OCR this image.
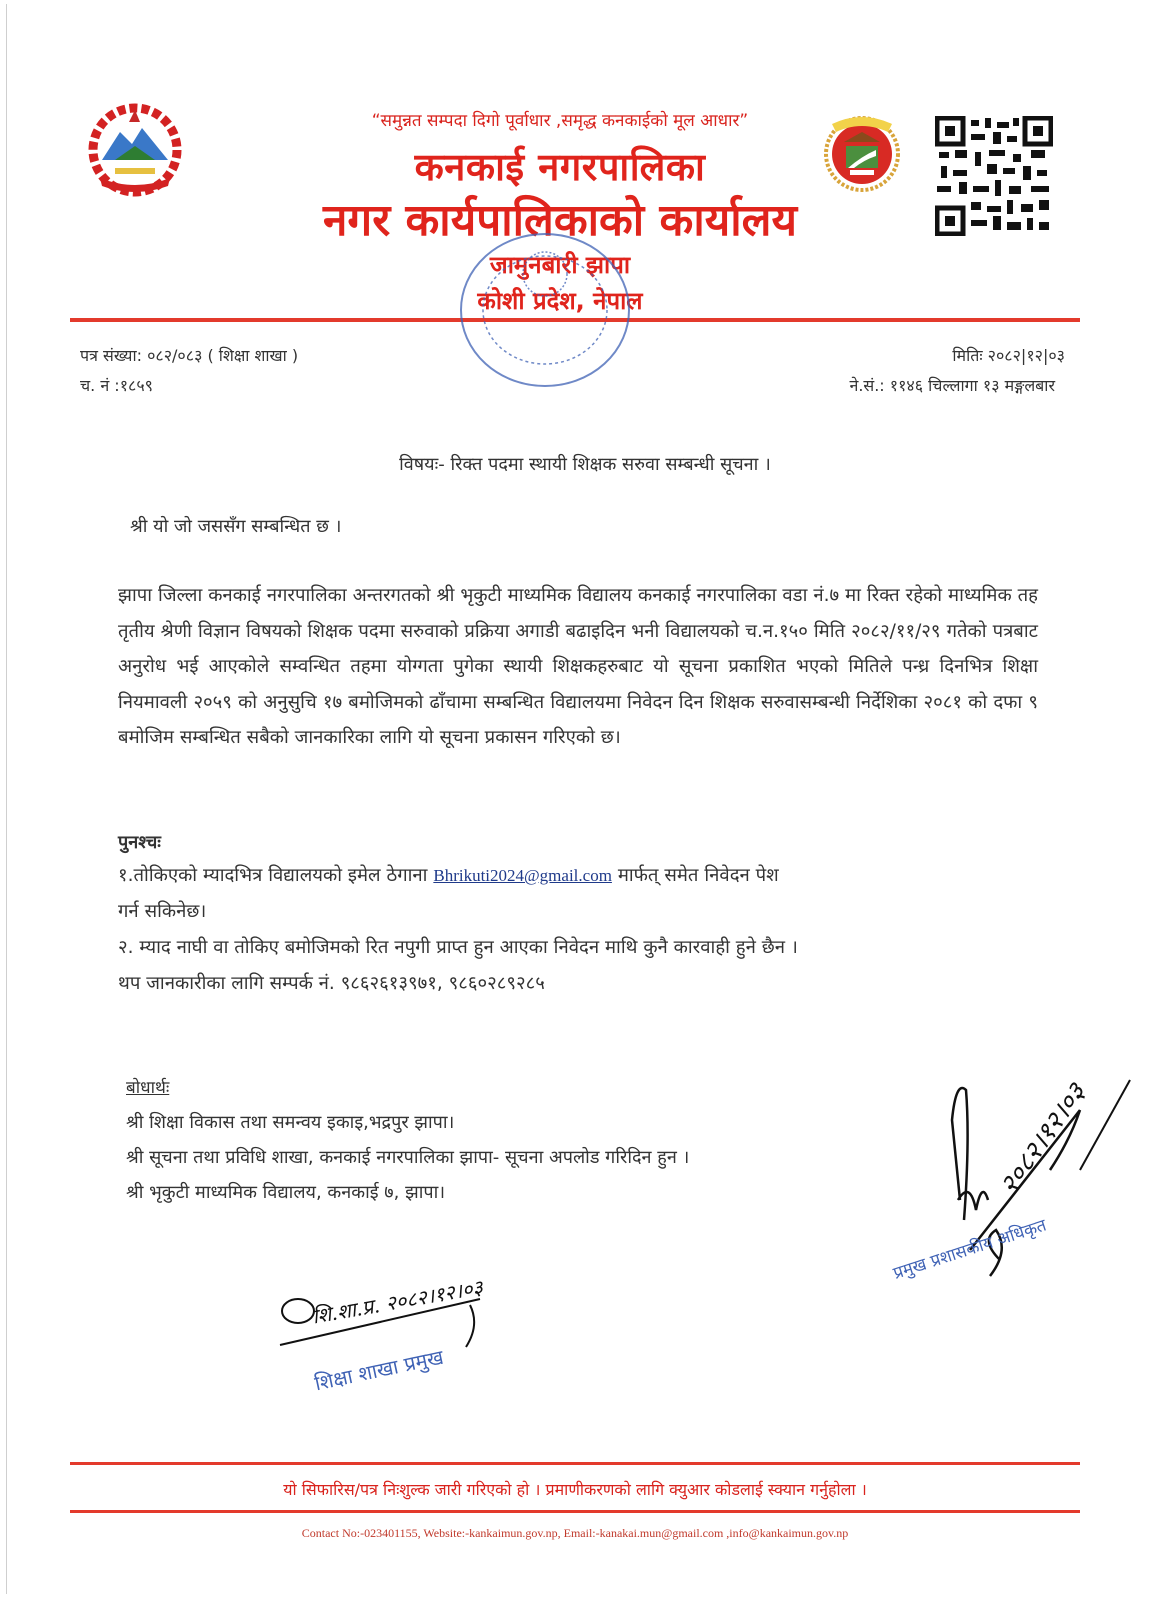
“समुन्नत सम्पदा दिगो पूर्वाधार ,समृद्ध कनकाईको मूल आधार”
कनकाई नगरपालिका
नगर कार्यपालिकाको कार्यालय
जामुनबारी झापा
कोशी प्रदेश, नेपाल
पत्र संख्या: ०८२/०८३ ( शिक्षा शाखा )
च. नं :१८५९
मितिः २०८२|१२|०३
ने.सं.: ११४६ चिल्लागा १३ मङ्गलबार
विषयः- रिक्त पदमा स्थायी शिक्षक सरुवा सम्बन्धी सूचना ।
श्री यो जो जससँग सम्बन्धित छ ।
झापा जिल्ला कनकाई नगरपालिका अन्तरगतको श्री भृकुटी माध्यमिक विद्यालय कनकाई नगरपालिका वडा नं.७ मा रिक्त रहेको माध्यमिक तह तृतीय श्रेणी विज्ञान विषयको शिक्षक पदमा सरुवाको प्रक्रिया अगाडी बढाइदिन भनी विद्यालयको च.न.१५० मिति २०८२/११/२९ गतेको पत्रबाट अनुरोध भई आएकोले सम्वन्धित तहमा योग्गता पुगेका स्थायी शिक्षकहरुबाट यो सूचना प्रकाशित भएको मितिले पन्ध्र दिनभित्र शिक्षा नियमावली २०५९ को अनुसुचि १७ बमोजिमको ढाँचामा सम्बन्धित विद्यालयमा निवेदन दिन शिक्षक सरुवासम्बन्धी निर्देशिका २०८१ को दफा ९ बमोजिम सम्बन्धित सबैको जानकारिका लागि यो सूचना प्रकासन गरिएको छ।
पुनश्चः
१.तोकिएको म्यादभित्र विद्यालयको इमेल ठेगाना Bhrikuti2024@gmail.com मार्फत् समेत निवेदन पेश
गर्न सकिनेछ।
२. म्याद नाघी वा तोकिए बमोजिमको रित नपुगी प्राप्त हुन आएका निवेदन माथि कुनै कारवाही हुने छैन ।
थप जानकारीका लागि सम्पर्क नं. ९८६२६१३९७१, ९८६०२८९२८५
बोधार्थः
श्री शिक्षा विकास तथा समन्वय इकाइ,भद्रपुर झापा।
श्री सूचना तथा प्रविधि शाखा, कनकाई नगरपालिका झापा- सूचना अपलोड गरिदिन हुन ।
श्री भृकुटी माध्यमिक विद्यालय, कनकाई ७, झापा।	२०८२।१२।०३
प्रमुख प्रशासकीय अधिकृत
शि.शा.प्र. २०८२।१२।०३
शिक्षा शाखा प्रमुख
यो सिफारिस/पत्र निःशुल्क जारी गरिएको हो । प्रमाणीकरणको लागि क्युआर कोडलाई स्क्यान गर्नुहोला ।
Contact No:-023401155, Website:-kankaimun.gov.np, Email:-kanakai.mun@gmail.com ,info@kankaimun.gov.np
